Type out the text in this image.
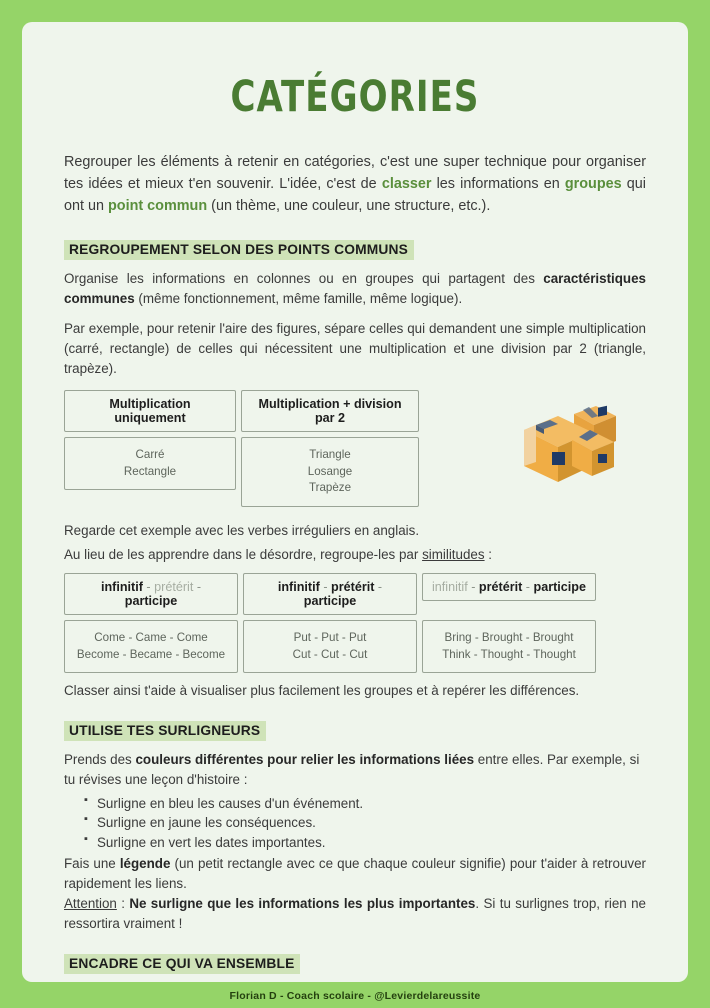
CATÉGORIES
Regrouper les éléments à retenir en catégories, c'est une super technique pour organiser tes idées et mieux t'en souvenir. L'idée, c'est de classer les informations en groupes qui ont un point commun (un thème, une couleur, une structure, etc.).
REGROUPEMENT SELON DES POINTS COMMUNS

Organise les informations en colonnes ou en groupes qui partagent des caractéristiques communes (même fonctionnement, même famille, même logique).

Par exemple, pour retenir l'aire des figures, sépare celles qui demandent une simple multiplication (carré, rectangle) de celles qui nécessitent une multiplication et une division par 2 (triangle, trapèze).

Multiplication uniquement
Multiplication + division par 2
Carré
Rectangle
Triangle
Losange
Trapèze

Regarde cet exemple avec les verbes irréguliers en anglais.

Au lieu de les apprendre dans le désordre, regroupe-les par similitudes :

infinitif - prétérit - participe
infinitif - prétérit - participe
infinitif - prétérit - participe
Come - Came - Come
Become - Became - Become
Put - Put - Put
Cut - Cut - Cut
Bring - Brought - Brought
Think - Thought - Thought

Classer ainsi t'aide à visualiser plus facilement les groupes et à repérer les différences.

UTILISE TES SURLIGNEURS

Prends des couleurs différentes pour relier les informations liées entre elles. Par exemple, si tu révises une leçon d'histoire :

▪ Surligne en bleu les causes d'un événement.
▪ Surligne en jaune les conséquences.
▪ Surligne en vert les dates importantes.

Fais une légende (un petit rectangle avec ce que chaque couleur signifie) pour t'aider à retrouver rapidement les liens.

Attention : Ne surligne que les informations les plus importantes. Si tu surlignes trop, rien ne ressortira vraiment !

ENCADRE CE QUI VA ENSEMBLE

Florian D - Coach scolaire - @Levierdelareussite
